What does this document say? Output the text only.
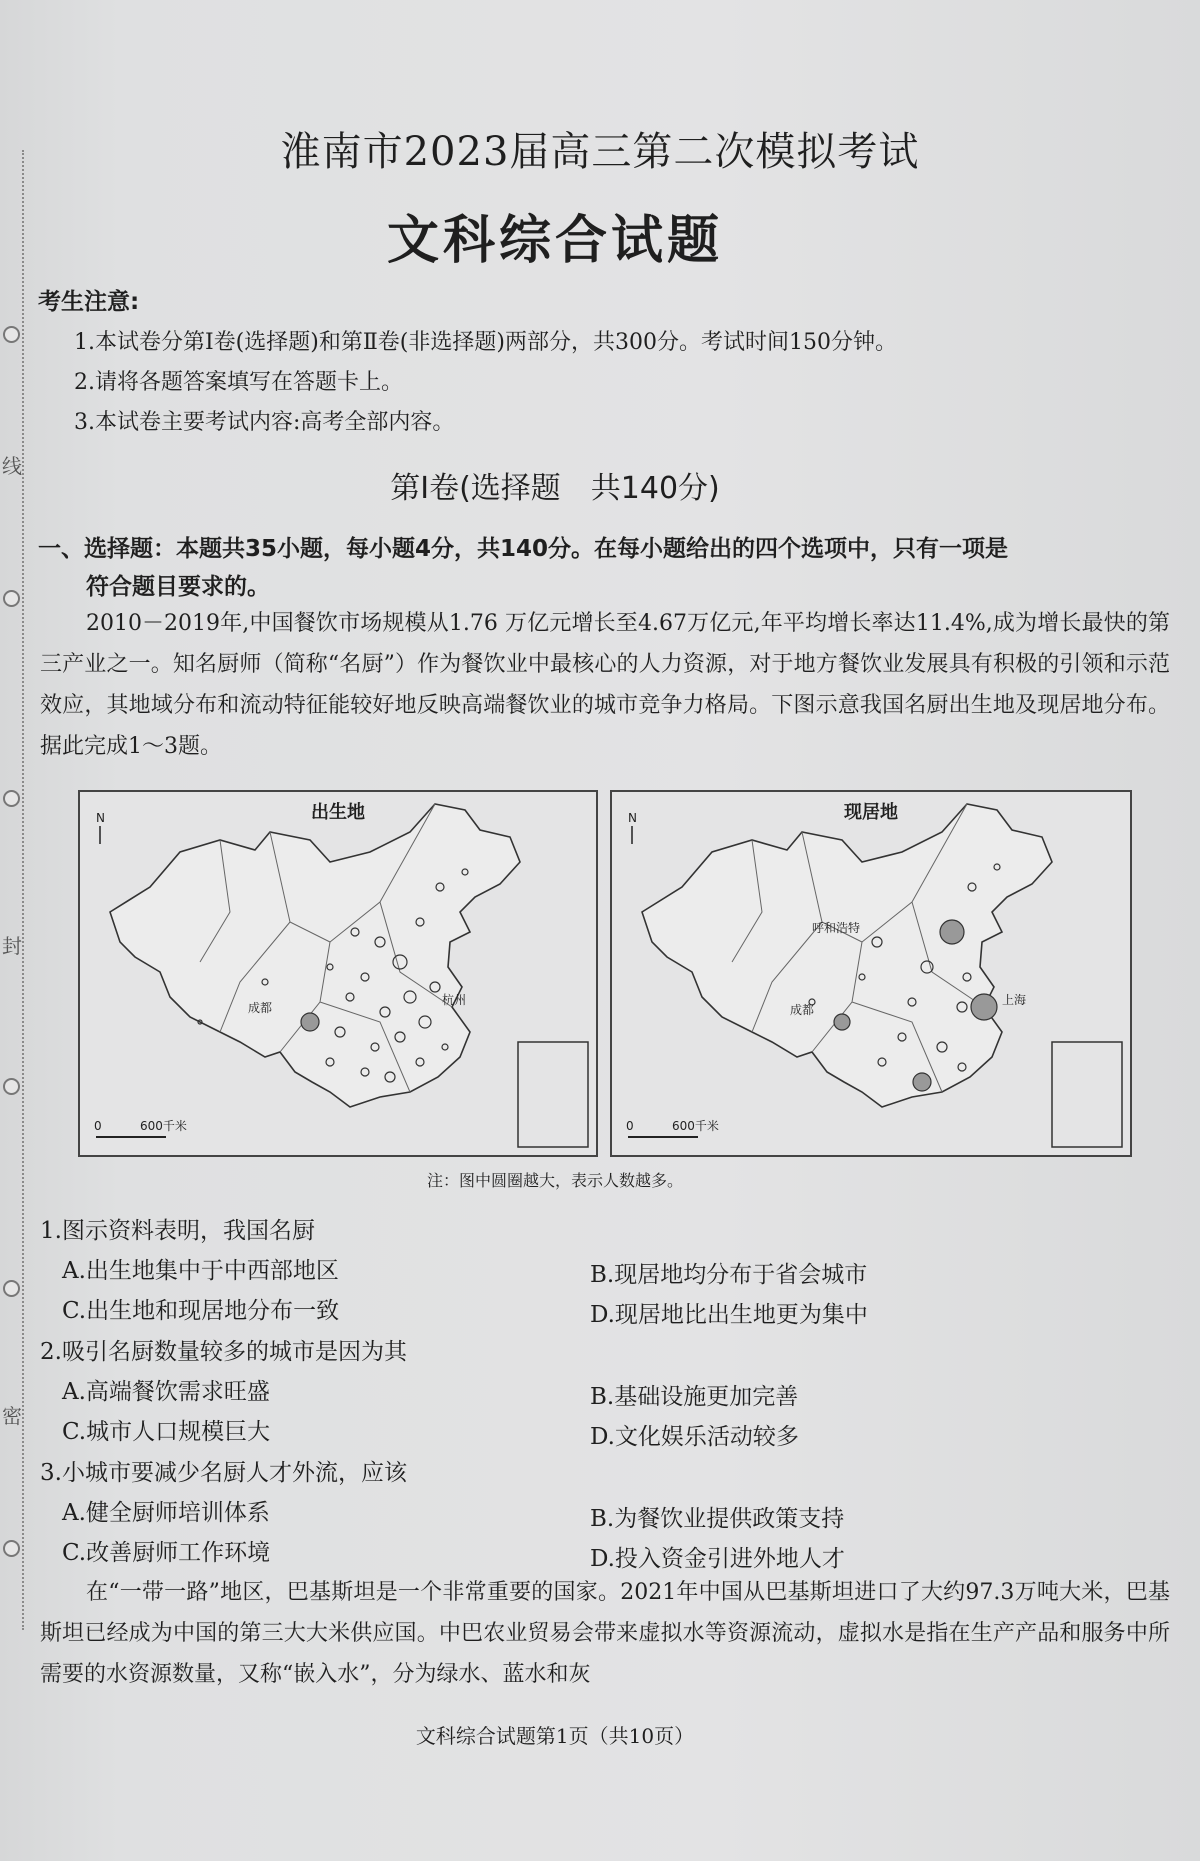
线
封
密
淮南市2023届高三第二次模拟考试
文科综合试题
考生注意:
1.本试卷分第Ⅰ卷(选择题)和第Ⅱ卷(非选择题)两部分，共300分。考试时间150分钟。
2.请将各题答案填写在答题卡上。
3.本试卷主要考试内容:高考全部内容。
第Ⅰ卷(选择题　共140分)
一、选择题：本题共35小题，每小题4分，共140分。在每小题给出的四个选项中，只有一项是
符合题目要求的。
2010－2019年,中国餐饮市场规模从1.76 万亿元增长至4.67万亿元,年平均增长率达11.4%,成为增长最快的第三产业之一。知名厨师（简称“名厨”）作为餐饮业中最核心的人力资源，对于地方餐饮业发展具有积极的引领和示范效应，其地域分布和流动特征能较好地反映高端餐饮业的城市竞争力格局。下图示意我国名厨出生地及现居地分布。据此完成1～3题。
出生地
N
0	600千米
成都
杭州
现居地
N
0	600千米
呼和浩特
成都
上海
注：图中圆圈越大，表示人数越多。
1.图示资料表明，我国名厨
A.出生地集中于中西部地区	B.现居地均分布于省会城市
C.出生地和现居地分布一致	D.现居地比出生地更为集中
2.吸引名厨数量较多的城市是因为其
A.高端餐饮需求旺盛	B.基础设施更加完善
C.城市人口规模巨大	D.文化娱乐活动较多
3.小城市要减少名厨人才外流，应该
A.健全厨师培训体系	B.为餐饮业提供政策支持
C.改善厨师工作环境	D.投入资金引进外地人才
在“一带一路”地区，巴基斯坦是一个非常重要的国家。2021年中国从巴基斯坦进口了大约97.3万吨大米，巴基斯坦已经成为中国的第三大大米供应国。中巴农业贸易会带来虚拟水等资源流动，虚拟水是指在生产产品和服务中所需要的水资源数量，又称“嵌入水”，分为绿水、蓝水和灰
文科综合试题第1页（共10页）
